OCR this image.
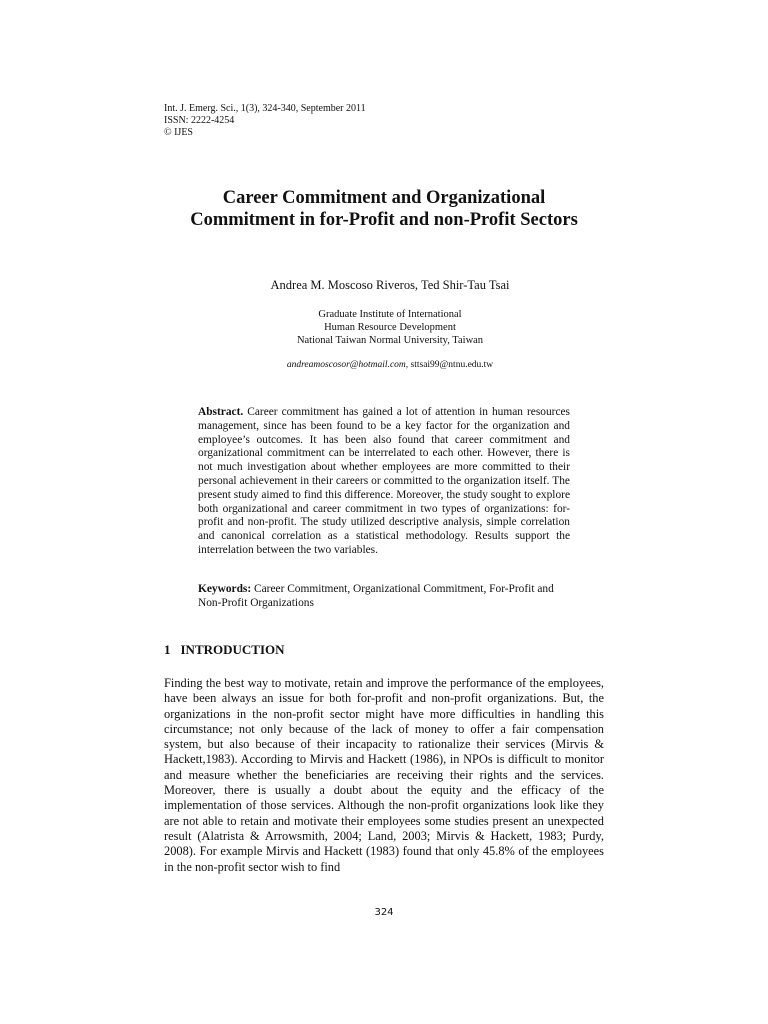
Int. J. Emerg. Sci., 1(3), 324-340, September 2011
ISSN: 2222-4254
© IJES
Career Commitment and Organizational
Commitment in for-Profit and non-Profit Sectors
Andrea M. Moscoso Riveros, Ted Shir-Tau Tsai
Graduate Institute of International
Human Resource Development
National Taiwan Normal University, Taiwan
andreamoscosor@hotmail.com, sttsai99@ntnu.edu.tw
Abstract. Career commitment has gained a lot of attention in human resources management, since has been found to be a key factor for the organization and employee’s outcomes. It has been also found that career commitment and organizational commitment can be interrelated to each other. However, there is not much investigation about whether employees are more committed to their personal achievement in their careers or committed to the organization itself. The present study aimed to find this difference. Moreover, the study sought to explore both organizational and career commitment in two types of organizations: for-profit and non-profit. The study utilized descriptive analysis, simple correlation and canonical correlation as a statistical methodology. Results support the interrelation between the two variables.
Keywords: Career Commitment, Organizational Commitment, For-Profit and Non-Profit Organizations
1 INTRODUCTION
Finding the best way to motivate, retain and improve the performance of the employees, have been always an issue for both for-profit and non-profit organizations. But, the organizations in the non-profit sector might have more difficulties in handling this circumstance; not only because of the lack of money to offer a fair compensation system, but also because of their incapacity to rationalize their services (Mirvis & Hackett,1983). According to Mirvis and Hackett (1986), in NPOs is difficult to monitor and measure whether the beneficiaries are receiving their rights and the services. Moreover, there is usually a doubt about the equity and the efficacy of the implementation of those services. Although the non-profit organizations look like they are not able to retain and motivate their employees some studies present an unexpected result (Alatrista & Arrowsmith, 2004; Land, 2003; Mirvis & Hackett, 1983; Purdy, 2008). For example Mirvis and Hackett (1983) found that only 45.8% of the employees in the non-profit sector wish to find
324
